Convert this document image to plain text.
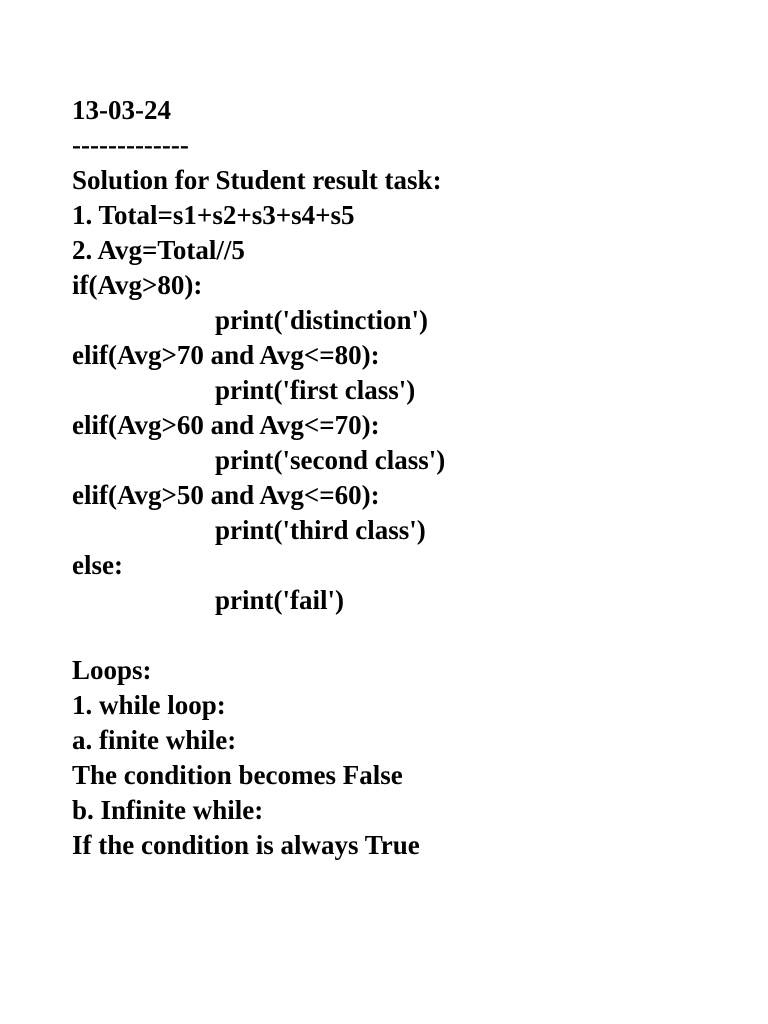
13-03-24
-------------
Solution for Student result task:
1. Total=s1+s2+s3+s4+s5
2. Avg=Total//5
if(Avg>80):
print('distinction')
elif(Avg>70 and Avg<=80):
print('first class')
elif(Avg>60 and Avg<=70):
print('second class')
elif(Avg>50 and Avg<=60):
print('third class')
else:
print('fail')
Loops:
1. while loop:
a. finite while:
The condition becomes False
b. Infinite while:
If the condition is always True
